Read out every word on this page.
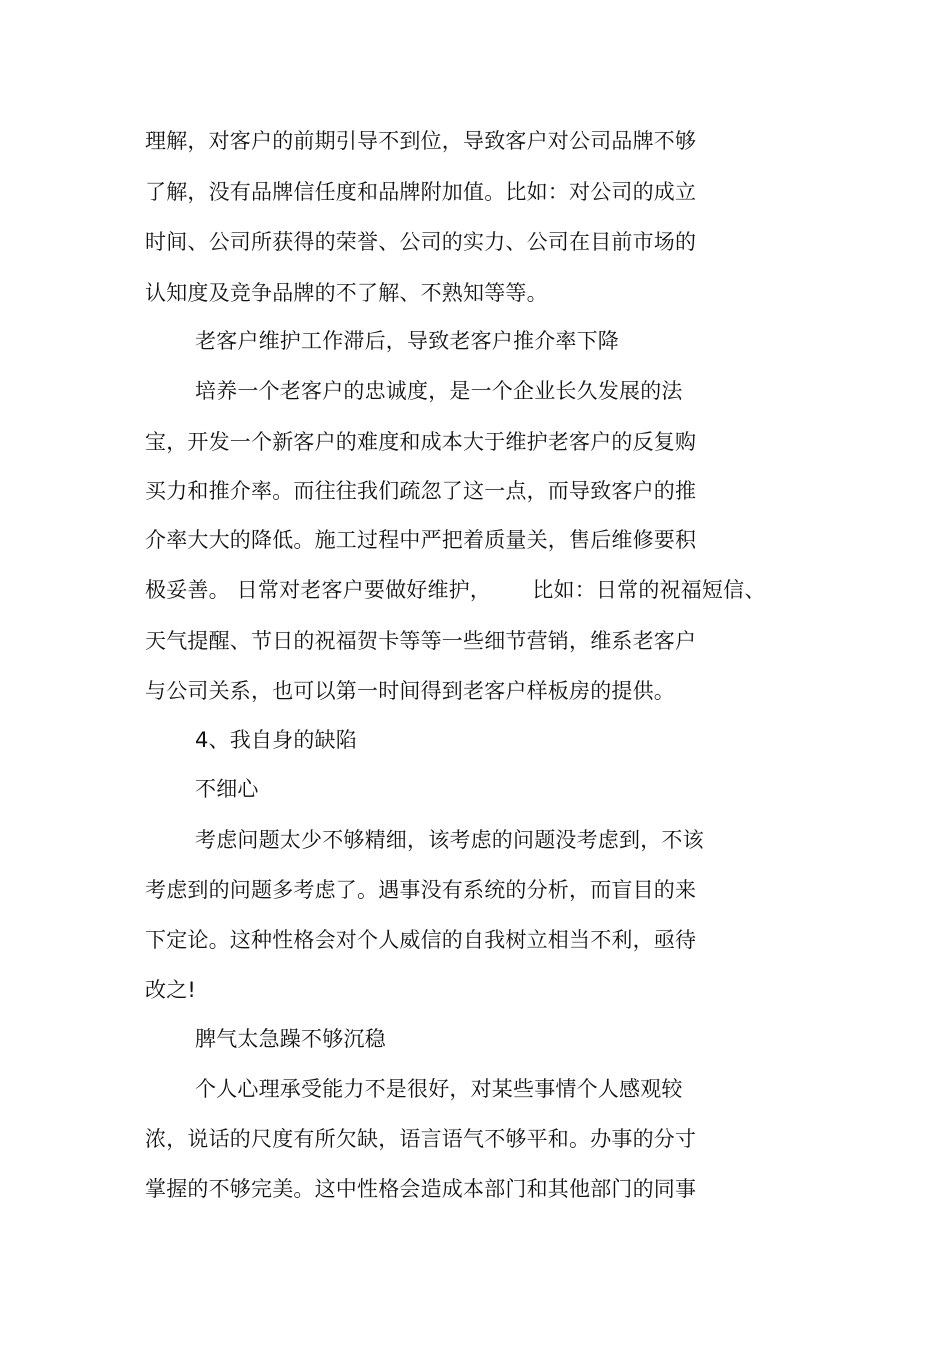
理解，对客户的前期引导不到位，导致客户对公司品牌不够
了解，没有品牌信任度和品牌附加值。比如：对公司的成立
时间、公司所获得的荣誉、公司的实力、公司在目前市场的
认知度及竞争品牌的不了解、不熟知等等。
老客户维护工作滞后，导致老客户推介率下降
培养一个老客户的忠诚度，是一个企业长久发展的法
宝，开发一个新客户的难度和成本大于维护老客户的反复购
买力和推介率。而往往我们疏忽了这一点，而导致客户的推
介率大大的降低。施工过程中严把着质量关，售后维修要积
极妥善。 日常对老客户要做好维护，      比如：日常的祝福短信、
天气提醒、节日的祝福贺卡等等一些细节营销，维系老客户
与公司关系，也可以第一时间得到老客户样板房的提供。
4、我自身的缺陷
不细心
考虑问题太少不够精细，该考虑的问题没考虑到，不该
考虑到的问题多考虑了。遇事没有系统的分析，而盲目的来
下定论。这种性格会对个人威信的自我树立相当不利，亟待
改之!
脾气太急躁不够沉稳
个人心理承受能力不是很好，对某些事情个人感观较
浓，说话的尺度有所欠缺，语言语气不够平和。办事的分寸
掌握的不够完美。这中性格会造成本部门和其他部门的同事
